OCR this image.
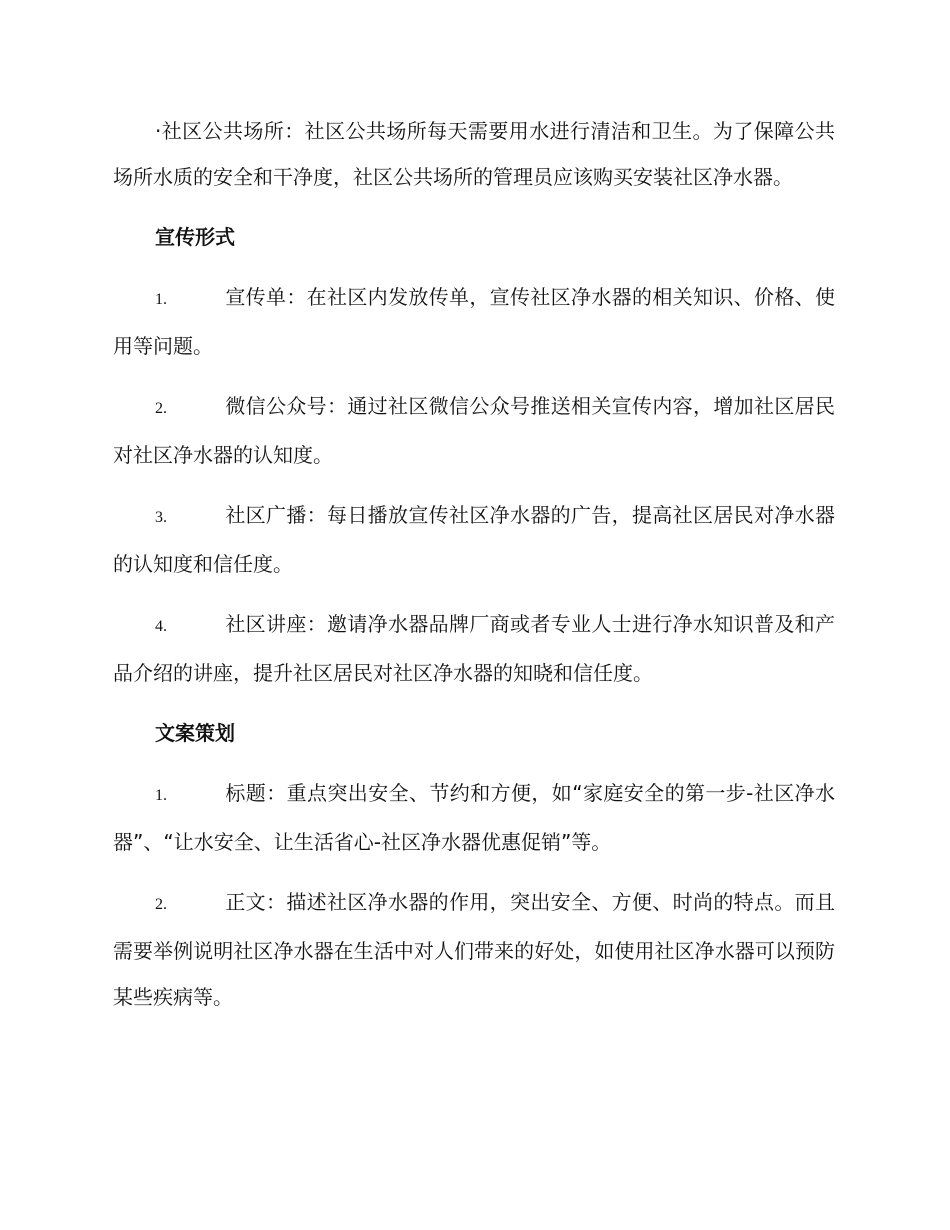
·社区公共场所：社区公共场所每天需要用水进行清洁和卫生。为了保障公共场所水质的安全和干净度，社区公共场所的管理员应该购买安装社区净水器。

宣传形式

1.	宣传单：在社区内发放传单，宣传社区净水器的相关知识、价格、使用等问题。

2.	微信公众号：通过社区微信公众号推送相关宣传内容，增加社区居民对社区净水器的认知度。

3.	社区广播：每日播放宣传社区净水器的广告，提高社区居民对净水器的认知度和信任度。

4.	社区讲座：邀请净水器品牌厂商或者专业人士进行净水知识普及和产品介绍的讲座，提升社区居民对社区净水器的知晓和信任度。

文案策划

1.	标题：重点突出安全、节约和方便，如“家庭安全的第一步-社区净水器”、“让水安全、让生活省心-社区净水器优惠促销”等。

2.	正文：描述社区净水器的作用，突出安全、方便、时尚的特点。而且需要举例说明社区净水器在生活中对人们带来的好处，如使用社区净水器可以预防某些疾病等。
